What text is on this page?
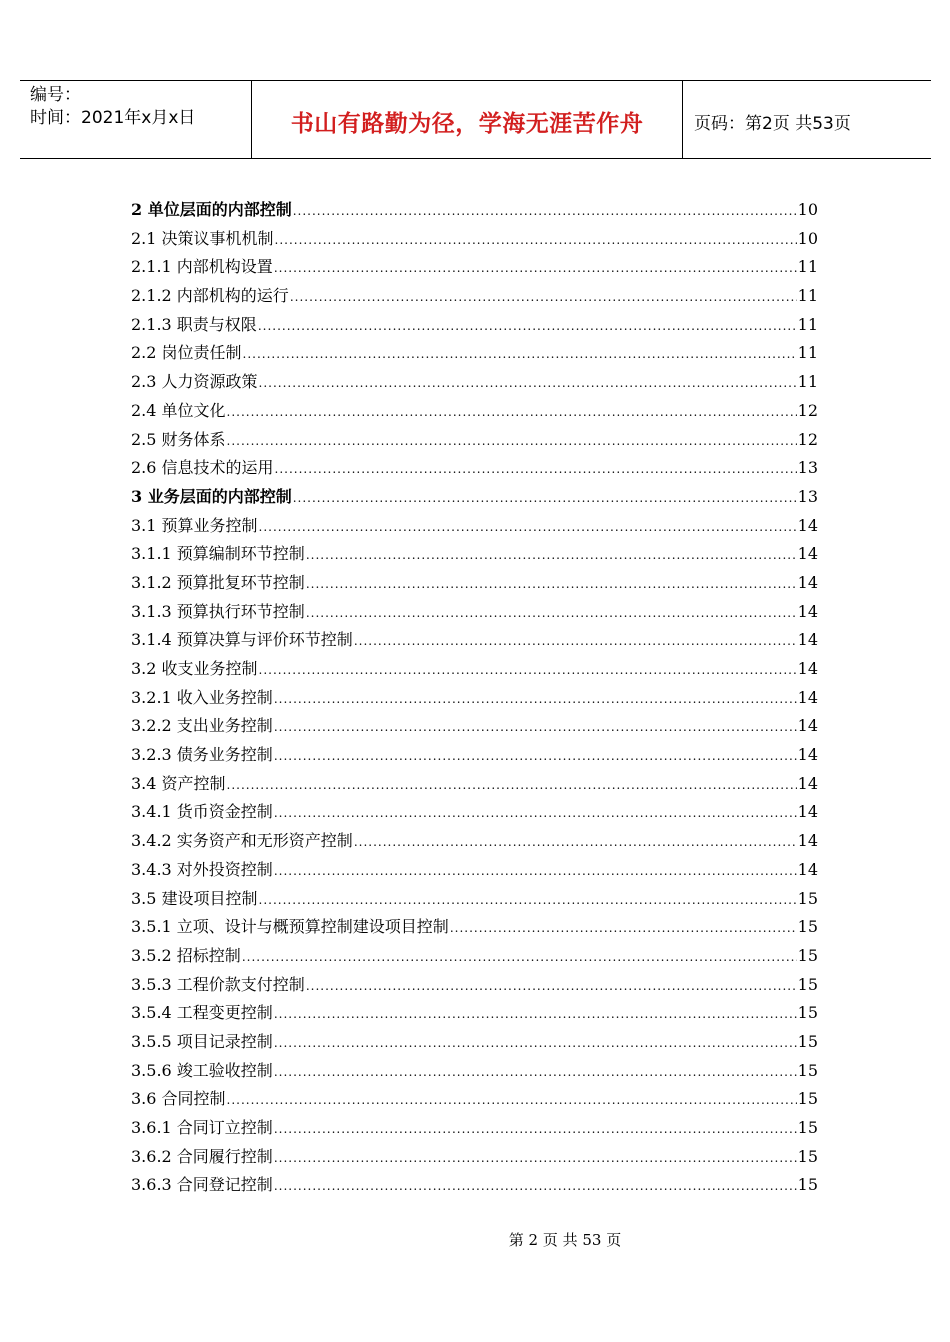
编号：
时间：2021年x月x日	书山有路勤为径，学海无涯苦作舟	页码：第2页 共53页
2 单位层面的内部控制 .....	10
2.1 决策议事机机制 .....	10
2.1.1 内部机构设置 .....	11
2.1.2 内部机构的运行 .....	11
2.1.3 职责与权限 .....	11
2.2 岗位责任制 .....	11
2.3 人力资源政策 .....	11
2.4 单位文化 .....	12
2.5 财务体系 .....	12
2.6 信息技术的运用 .....	13
3 业务层面的内部控制 .....	13
3.1 预算业务控制 .....	14
3.1.1 预算编制环节控制 .....	14
3.1.2 预算批复环节控制 .....	14
3.1.3 预算执行环节控制 .....	14
3.1.4 预算决算与评价环节控制 .....	14
3.2 收支业务控制 .....	14
3.2.1 收入业务控制 .....	14
3.2.2 支出业务控制 .....	14
3.2.3 债务业务控制 .....	14
3.4 资产控制 .....	14
3.4.1 货币资金控制 .....	14
3.4.2 实务资产和无形资产控制 .....	14
3.4.3 对外投资控制 .....	14
3.5 建设项目控制 .....	15
3.5.1 立项、设计与概预算控制建设项目控制 .....	15
3.5.2 招标控制 .....	15
3.5.3 工程价款支付控制 .....	15
3.5.4 工程变更控制 .....	15
3.5.5 项目记录控制 .....	15
3.5.6 竣工验收控制 .....	15
3.6 合同控制 .....	15
3.6.1 合同订立控制 .....	15
3.6.2 合同履行控制 .....	15
3.6.3 合同登记控制 .....	15
第 2 页 共 53 页
